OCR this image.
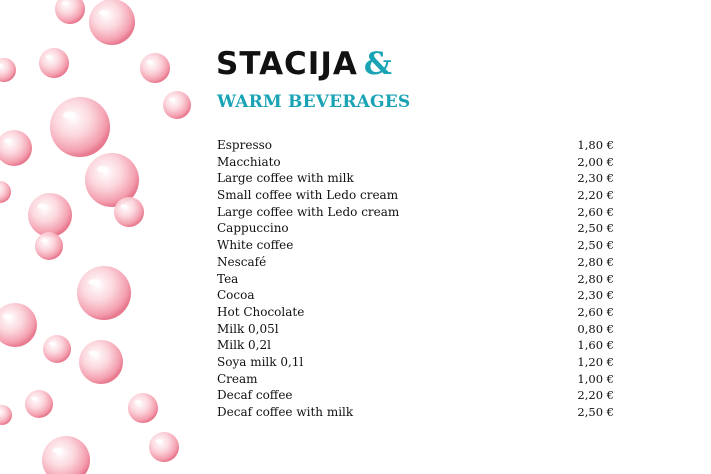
STACIJA &
WARM BEVERAGES
Espresso	1,80 €
Macchiato	2,00 €
Large coffee with milk	2,30 €
Small coffee with Ledo cream	2,20 €
Large coffee with Ledo cream	2,60 €
Cappuccino	2,50 €
White coffee	2,50 €
Nescafé	2,80 €
Tea	2,80 €
Cocoa	2,30 €
Hot Chocolate	2,60 €
Milk 0,05l	0,80 €
Milk 0,2l	1,60 €
Soya milk 0,1l	1,20 €
Cream	1,00 €
Decaf coffee	2,20 €
Decaf coffee with milk	2,50 €
